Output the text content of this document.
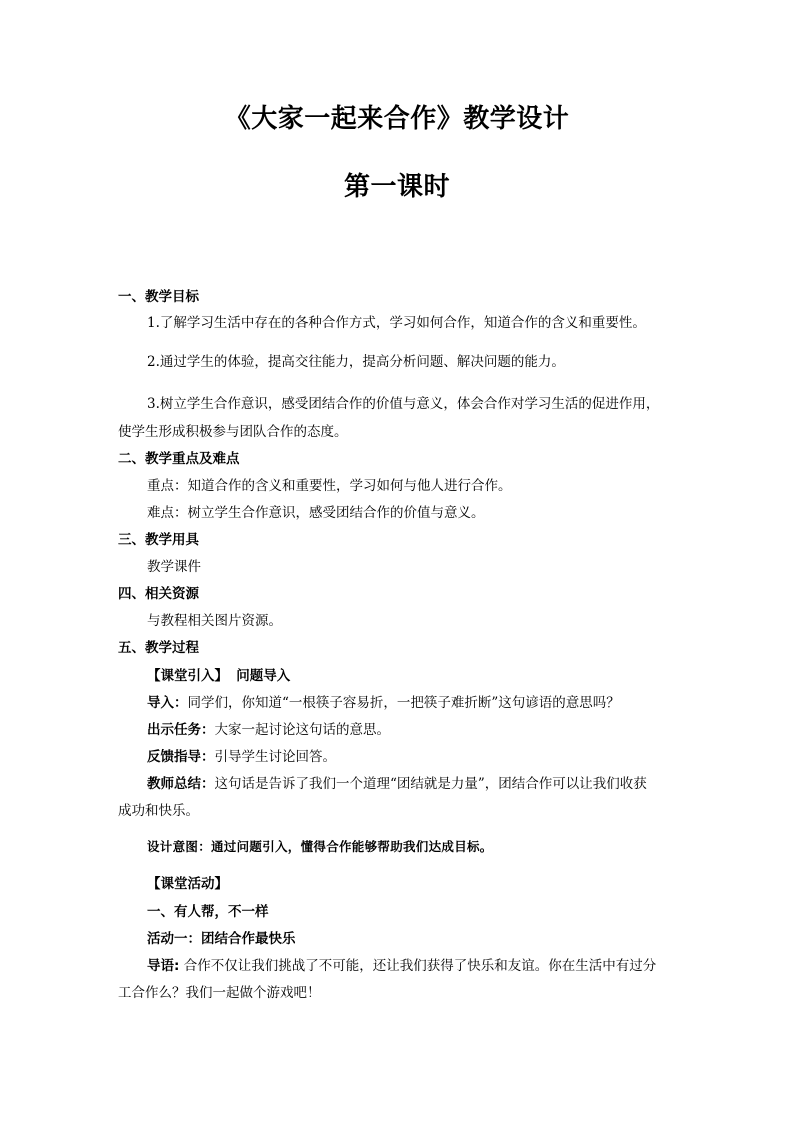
《大家一起来合作》教学设计
第一课时
一、教学目标
1.了解学习生活中存在的各种合作方式，学习如何合作，知道合作的含义和重要性。
2.通过学生的体验，提高交往能力，提高分析问题、解决问题的能力。
3.树立学生合作意识，感受团结合作的价值与意义，体会合作对学习生活的促进作用，
使学生形成积极参与团队合作的态度。
二、教学重点及难点
重点：知道合作的含义和重要性，学习如何与他人进行合作。
难点：树立学生合作意识，感受团结合作的价值与意义。
三、教学用具
教学课件
四、相关资源
与教程相关图片资源。
五、教学过程
【课堂引入】 问题导入
导入：同学们，你知道“一根筷子容易折，一把筷子难折断”这句谚语的意思吗？
出示任务：大家一起讨论这句话的意思。
反馈指导：引导学生讨论回答。
教师总结：这句话是告诉了我们一个道理“团结就是力量”，团结合作可以让我们收获
成功和快乐。
设计意图：通过问题引入，懂得合作能够帮助我们达成目标。
【课堂活动】
一、有人帮，不一样
活动一：团结合作最快乐
导语: 合作不仅让我们挑战了不可能，还让我们获得了快乐和友谊。你在生活中有过分
工合作么？我们一起做个游戏吧！
